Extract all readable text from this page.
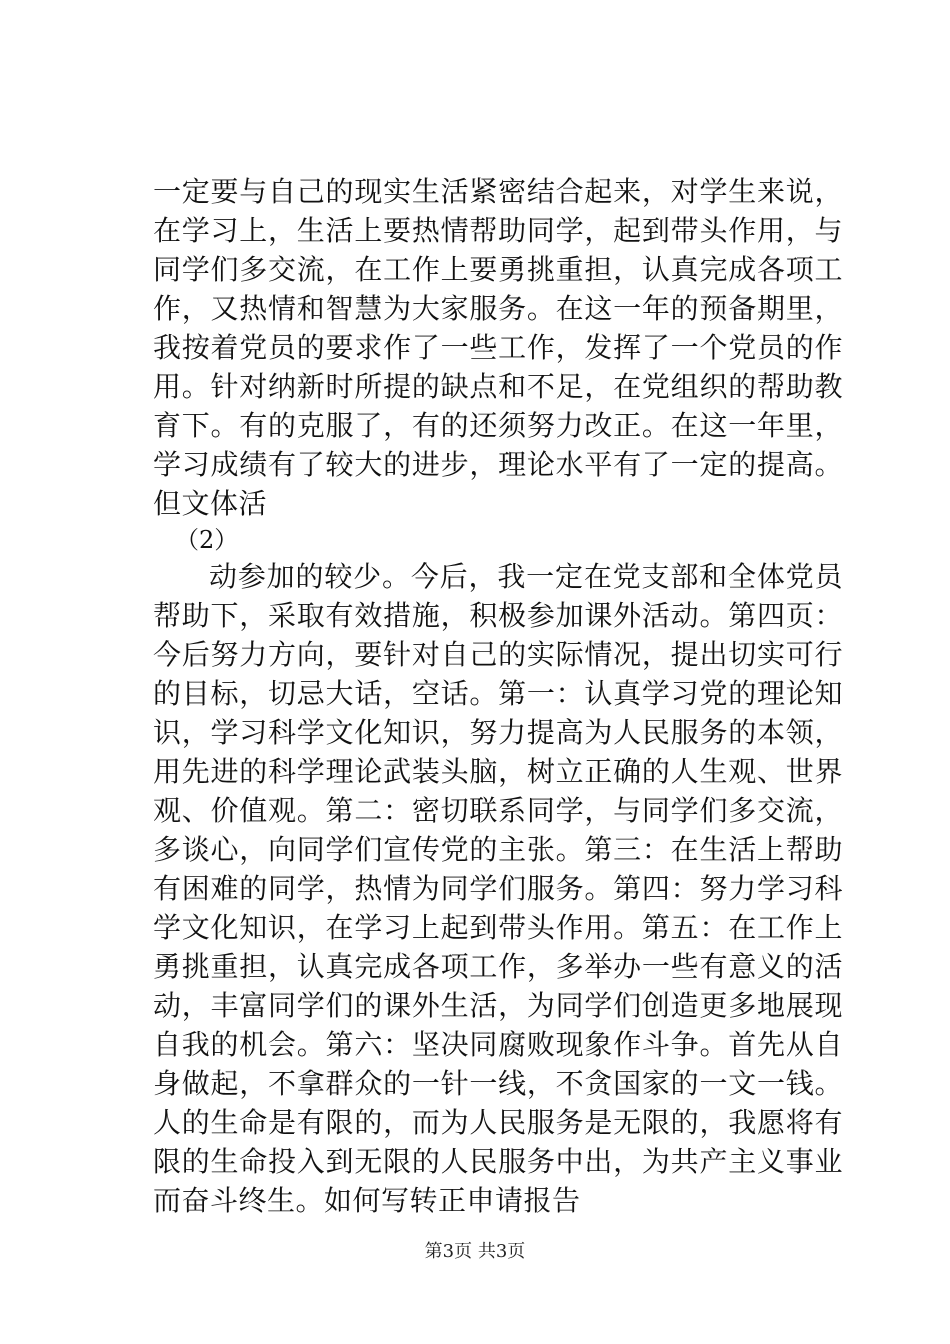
一定要与自己的现实生活紧密结合起来，对学生来说，在学习上，生活上要热情帮助同学，起到带头作用，与同学们多交流，在工作上要勇挑重担，认真完成各项工作，又热情和智慧为大家服务。在这一年的预备期里，我按着党员的要求作了一些工作，发挥了一个党员的作用。针对纳新时所提的缺点和不足，在党组织的帮助教育下。有的克服了，有的还须努力改正。在这一年里，学习成绩有了较大的进步，理论水平有了一定的提高。但文体活

（2）

动参加的较少。今后，我一定在党支部和全体党员帮助下，采取有效措施，积极参加课外活动。第四页：今后努力方向，要针对自己的实际情况，提出切实可行的目标，切忌大话，空话。第一：认真学习党的理论知识，学习科学文化知识，努力提高为人民服务的本领，用先进的科学理论武装头脑，树立正确的人生观、世界观、价值观。第二：密切联系同学，与同学们多交流，多谈心，向同学们宣传党的主张。第三：在生活上帮助有困难的同学，热情为同学们服务。第四：努力学习科学文化知识，在学习上起到带头作用。第五：在工作上勇挑重担，认真完成各项工作，多举办一些有意义的活动，丰富同学们的课外生活，为同学们创造更多地展现自我的机会。第六：坚决同腐败现象作斗争。首先从自身做起，不拿群众的一针一线，不贪国家的一文一钱。人的生命是有限的，而为人民服务是无限的，我愿将有限的生命投入到无限的人民服务中出，为共产主义事业而奋斗终生。如何写转正申请报告

第3页 共3页
